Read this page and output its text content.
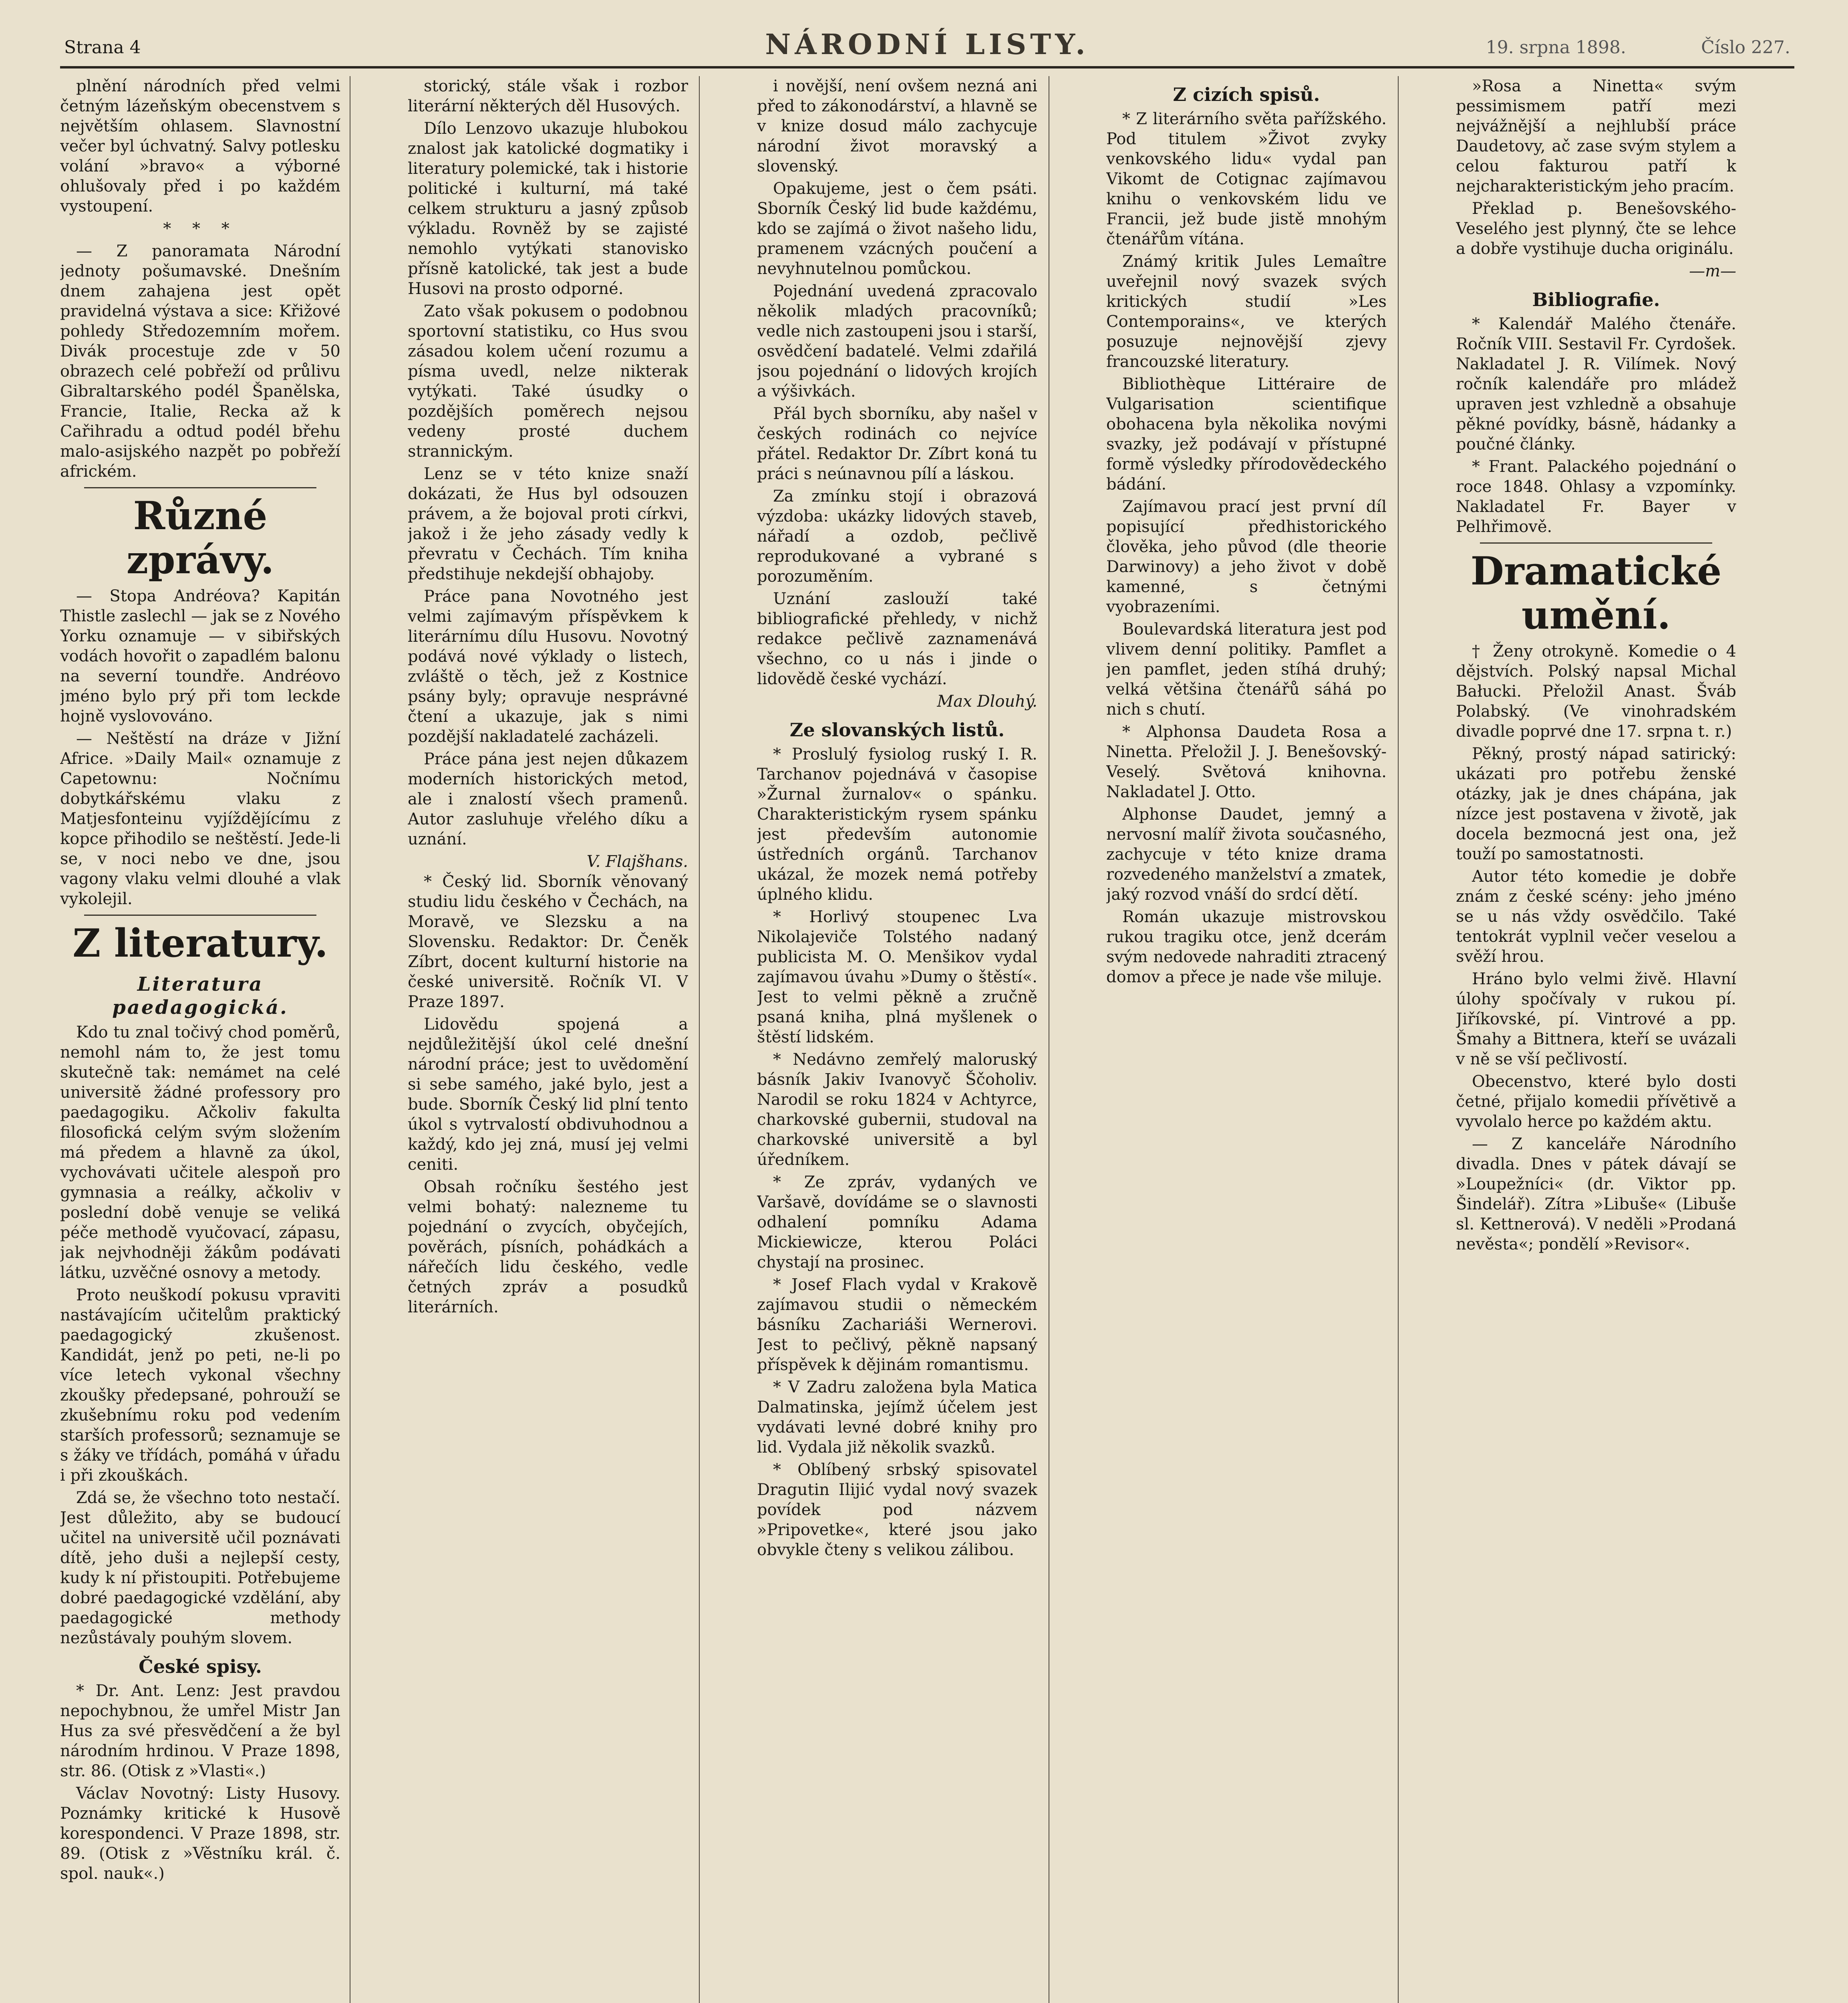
Strana 4	NÁRODNÍ LISTY.	19. srpna 1898.	Číslo 227.

plnění národních před velmi četným lázeňským obecenstvem s největším ohlasem. Slavnostní večer byl úchvatný. Salvy potlesku volání »bravo« a výborné ohlušovaly před i po každém vystoupení.

* * *

— Z panoramata Národní jednoty pošumavské. Dnešním dnem zahajena jest opět pravidelná výstava a sice: Křižové pohledy Středozemním mořem. Divák procestuje zde v 50 obrazech celé pobřeží od průlivu Gibraltarského podél Španělska, Francie, Italie, Recka až k Cařihradu a odtud podél břehu malo-asijského nazpět po pobřeží africkém.

Různé zprávy.

— Stopa Andréova? Kapitán Thistle zaslechl — jak se z Nového Yorku oznamuje — v sibiřských vodách hovořit o zapadlém balonu na severní toundře. Andréovo jméno bylo prý při tom leckde hojně vyslovováno.

— Neštěstí na dráze v Jižní Africe. »Daily Mail« oznamuje z Capetownu: Nočnímu dobytkářskému vlaku z Matjesfonteinu vyjíždějícímu z kopce přihodilo se neštěstí. Jede-li se, v noci nebo ve dne, jsou vagony vlaku velmi dlouhé a vlak vykolejil.

Z literatury.
Literatura paedagogická.

Kdo tu znal točivý chod poměrů, nemohl nám to, že jest tomu skutečně tak: nemámet na celé universitě žádné professory pro paedagogiku. Ačkoliv fakulta filosofická celým svým složením má předem a hlavně za úkol, vychovávati učitele alespoň pro gymnasia a reálky, ačkoliv v poslední době venuje se veliká péče methodě vyučovací, zápasu, jak nejvhodněji žákům podávati látku, uzvěčné osnovy a metody.

Proto neuškodí pokusu vpraviti nastávajícím učitelům praktický paedagogický zkušenost. Kandidát, jenž po peti, ne-li po více letech vykonal všechny zkoušky předepsané, pohrouží se zkušebnímu roku pod vedením starších professorů; seznamuje se s žáky ve třídách, pomáhá v úřadu i při zkouškách.

Zdá se, že všechno toto nestačí. Jest důležito, aby se budoucí učitel na universitě učil poznávati dítě, jeho duši a nejlepší cesty, kudy k ní přistoupiti. Potřebujeme dobré paedagogické vzdělání, aby paedagogické methody nezůstávaly pouhým slovem.

České spisy.

* Dr. Ant. Lenz: Jest pravdou nepochybnou, že umřel Mistr Jan Hus za své přesvědčení a že byl národním hrdinou. V Praze 1898, str. 86. (Otisk z »Vlasti«.)

Václav Novotný: Listy Husovy. Poznámky kritické k Husově korespondenci. V Praze 1898, str. 89. (Otisk z »Věstníku král. č. spol. nauk«.)

storický, stále však i rozbor literární některých děl Husových.

Dílo Lenzovo ukazuje hlubokou znalost jak katolické dogmatiky i literatury polemické, tak i historie politické i kulturní, má také celkem strukturu a jasný způsob výkladu. Rovněž by se zajisté nemohlo vytýkati stanovisko přísně katolické, tak jest a bude Husovi na prosto odporné.

Zato však pokusem o podobnou sportovní statistiku, co Hus svou zásadou kolem učení rozumu a písma uvedl, nelze nikterak vytýkati. Také úsudky o pozdějších poměrech nejsou vedeny prosté duchem strannickým.

Lenz se v této knize snaží dokázati, že Hus byl odsouzen právem, a že bojoval proti církvi, jakož i že jeho zásady vedly k převratu v Čechách. Tím kniha předstihuje nekdejší obhajoby.

Práce pana Novotného jest velmi zajímavým příspěvkem k literárnímu dílu Husovu. Novotný podává nové výklady o listech, zvláště o těch, jež z Kostnice psány byly; opravuje nesprávné čtení a ukazuje, jak s nimi pozdější nakladatelé zacházeli.

Práce pána jest nejen důkazem moderních historických metod, ale i znalostí všech pramenů. Autor zasluhuje vřelého díku a uznání.

V. Flajšhans.

* Český lid. Sborník věnovaný studiu lidu českého v Čechách, na Moravě, ve Slezsku a na Slovensku. Redaktor: Dr. Čeněk Zíbrt, docent kulturní historie na české universitě. Ročník VI. V Praze 1897.

Lidovědu spojená a nejdůležitější úkol celé dnešní národní práce; jest to uvědomění si sebe samého, jaké bylo, jest a bude. Sborník Český lid plní tento úkol s vytrvalostí obdivuhodnou a každý, kdo jej zná, musí jej velmi ceniti.

Obsah ročníku šestého jest velmi bohatý: nalezneme tu pojednání o zvycích, obyčejích, pověrách, písních, pohádkách a nářečích lidu českého, vedle četných zpráv a posudků literárních.

i novější, není ovšem nezná ani před to zákonodárství, a hlavně se v knize dosud málo zachycuje národní život moravský a slovenský.

Opakujeme, jest o čem psáti. Sborník Český lid bude každému, kdo se zajímá o život našeho lidu, pramenem vzácných poučení a nevyhnutelnou pomůckou.

Pojednání uvedená zpracovalo několik mladých pracovníků; vedle nich zastoupeni jsou i starší, osvědčení badatelé. Velmi zdařilá jsou pojednání o lidových krojích a výšivkách.

Přál bych sborníku, aby našel v českých rodinách co nejvíce přátel. Redaktor Dr. Zíbrt koná tu práci s neúnavnou pílí a láskou.

Za zmínku stojí i obrazová výzdoba: ukázky lidových staveb, nářadí a ozdob, pečlivě reprodukované a vybrané s porozuměním.

Uznání zaslouží také bibliografické přehledy, v nichž redakce pečlivě zaznamenává všechno, co u nás i jinde o lidovědě české vychází.

Max Dlouhý.
Ze slovanských listů.

* Proslulý fysiolog ruský I. R. Tarchanov pojednává v časopise »Žurnal žurnalov« o spánku. Charakteristickým rysem spánku jest především autonomie ústředních orgánů. Tarchanov ukázal, že mozek nemá potřeby úplného klidu.

* Horlivý stoupenec Lva Nikolajeviče Tolstého nadaný publicista M. O. Menšikov vydal zajímavou úvahu »Dumy o štěstí«. Jest to velmi pěkně a zručně psaná kniha, plná myšlenek o štěstí lidském.

* Nedávno zemřelý maloruský básník Jakiv Ivanovyč Ščoholiv. Narodil se roku 1824 v Achtyrce, charkovské gubernii, studoval na charkovské universitě a byl úředníkem.

* Ze zpráv, vydaných ve Varšavě, dovídáme se o slavnosti odhalení pomníku Adama Mickiewicze, kterou Poláci chystají na prosinec.

* Josef Flach vydal v Krakově zajímavou studii o německém básníku Zachariáši Wernerovi. Jest to pečlivý, pěkně napsaný příspěvek k dějinám romantismu.

* V Zadru založena byla Matica Dalmatinska, jejímž účelem jest vydávati levné dobré knihy pro lid. Vydala již několik svazků.

* Oblíbený srbský spisovatel Dragutin Ilijić vydal nový svazek povídek pod názvem »Pripovetke«, které jsou jako obvykle čteny s velikou zálibou.

Z cizích spisů.

* Z literárního světa pařížského. Pod titulem »Život zvyky venkovského lidu« vydal pan Vikomt de Cotignac zajímavou knihu o venkovském lidu ve Francii, jež bude jistě mnohým čtenářům vítána.

Známý kritik Jules Lemaître uveřejnil nový svazek svých kritických studií »Les Contemporains«, ve kterých posuzuje nejnovější zjevy francouzské literatury.

Bibliothèque Littéraire de Vulgarisation scientifique obohacena byla několika novými svazky, jež podávají v přístupné formě výsledky přírodovědeckého bádání.

Zajímavou prací jest první díl popisující předhistorického člověka, jeho původ (dle theorie Darwinovy) a jeho život v době kamenné, s četnými vyobrazeními.

Boulevardská literatura jest pod vlivem denní politiky. Pamflet a jen pamflet, jeden stíhá druhý; velká většina čtenářů sáhá po nich s chutí.

* Alphonsa Daudeta Rosa a Ninetta. Přeložil J. J. Benešovský-Veselý. Světová knihovna. Nakladatel J. Otto.

Alphonse Daudet, jemný a nervosní malíř života současného, zachycuje v této knize drama rozvedeného manželství a zmatek, jaký rozvod vnáší do srdcí dětí.

Román ukazuje mistrovskou rukou tragiku otce, jenž dcerám svým nedovede nahraditi ztracený domov a přece je nade vše miluje.

»Rosa a Ninetta« svým pessimismem patří mezi nejvážnější a nejhlubší práce Daudetovy, ač zase svým stylem a celou fakturou patří k nejcharakteristickým jeho pracím.

Překlad p. Benešovského-Veselého jest plynný, čte se lehce a dobře vystihuje ducha originálu.

—m—
Bibliografie.

* Kalendář Malého čtenáře. Ročník VIII. Sestavil Fr. Cyrdošek. Nakladatel J. R. Vilímek. Nový ročník kalendáře pro mládež upraven jest vzhledně a obsahuje pěkné povídky, básně, hádanky a poučné články.

* Frant. Palackého pojednání o roce 1848. Ohlasy a vzpomínky. Nakladatel Fr. Bayer v Pelhřimově.

Dramatické umění.

† Ženy otrokyně. Komedie o 4 dějstvích. Polský napsal Michal Bałucki. Přeložil Anast. Šváb Polabský. (Ve vinohradském divadle poprvé dne 17. srpna t. r.)

Pěkný, prostý nápad satirický: ukázati pro potřebu ženské otázky, jak je dnes chápána, jak nízce jest postavena v životě, jak docela bezmocná jest ona, jež touží po samostatnosti.

Autor této komedie je dobře znám z české scény: jeho jméno se u nás vždy osvědčilo. Také tentokrát vyplnil večer veselou a svěží hrou.

Hráno bylo velmi živě. Hlavní úlohy spočívaly v rukou pí. Jiříkovské, pí. Vintrové a pp. Šmahy a Bittnera, kteří se uvázali v ně se vší pečlivostí.

Obecenstvo, které bylo dosti četné, přijalo komedii přívětivě a vyvolalo herce po každém aktu.

— Z kanceláře Národního divadla. Dnes v pátek dávají se »Loupežníci« (dr. Viktor pp. Šindelář). Zítra »Libuše« (Libuše sl. Kettnerová). V neděli »Prodaná nevěsta«; pondělí »Revisor«.
